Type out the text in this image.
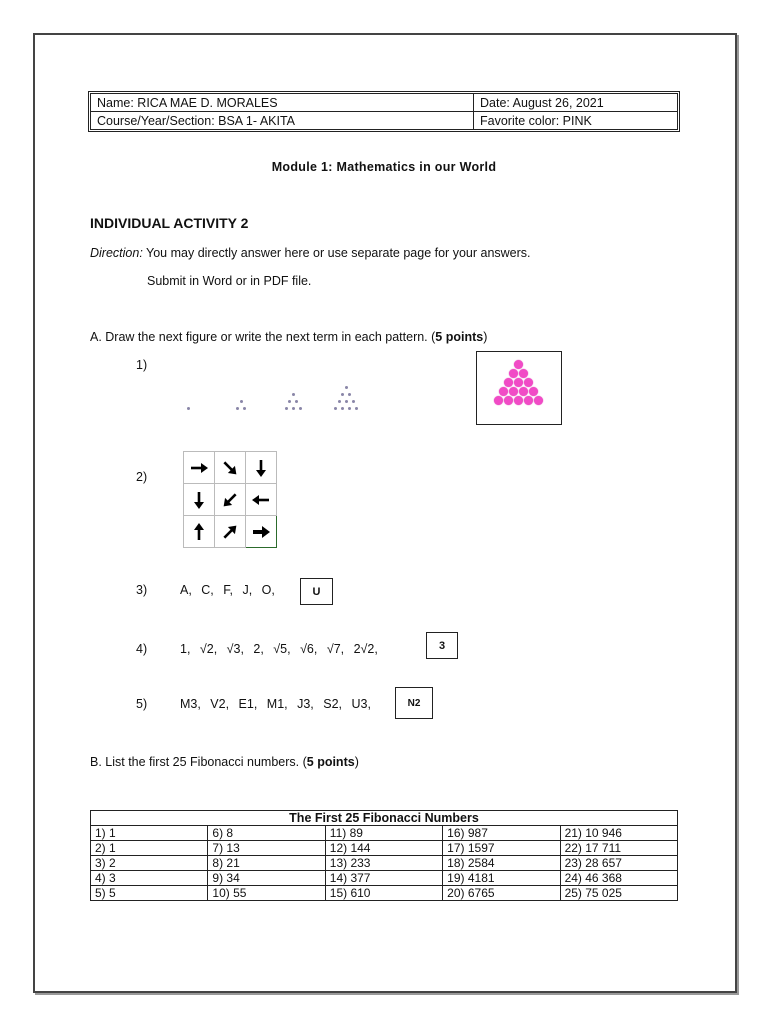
Name: RICA MAE D. MORALES	Date: August 26, 2021
Course/Year/Section: BSA 1- AKITA	Favorite color: PINK
Module 1: Mathematics in our World
INDIVIDUAL ACTIVITY 2
Direction: You may directly answer here or use separate page for your answers.
Submit in Word or in PDF file.
A. Draw the next figure or write the next term in each pattern. (5 points)
1)
2)

3)	A, C, F, J, O,	U
4)	1, √2, √3, 2, √5, √6, √7, 2√2,	3
5)	M3, V2, E1, M1, J3, S2, U3,	N2
B. List the first 25 Fibonacci numbers. (5 points)
The First 25 Fibonacci Numbers				
1) 1	6) 8	11) 89	16) 987	21) 10 946
2) 1	7) 13	12) 144	17) 1597	22) 17 711
3) 2	8) 21	13) 233	18) 2584	23) 28 657
4) 3	9) 34	14) 377	19) 4181	24) 46 368
5) 5	10) 55	15) 610	20) 6765	25) 75 025
